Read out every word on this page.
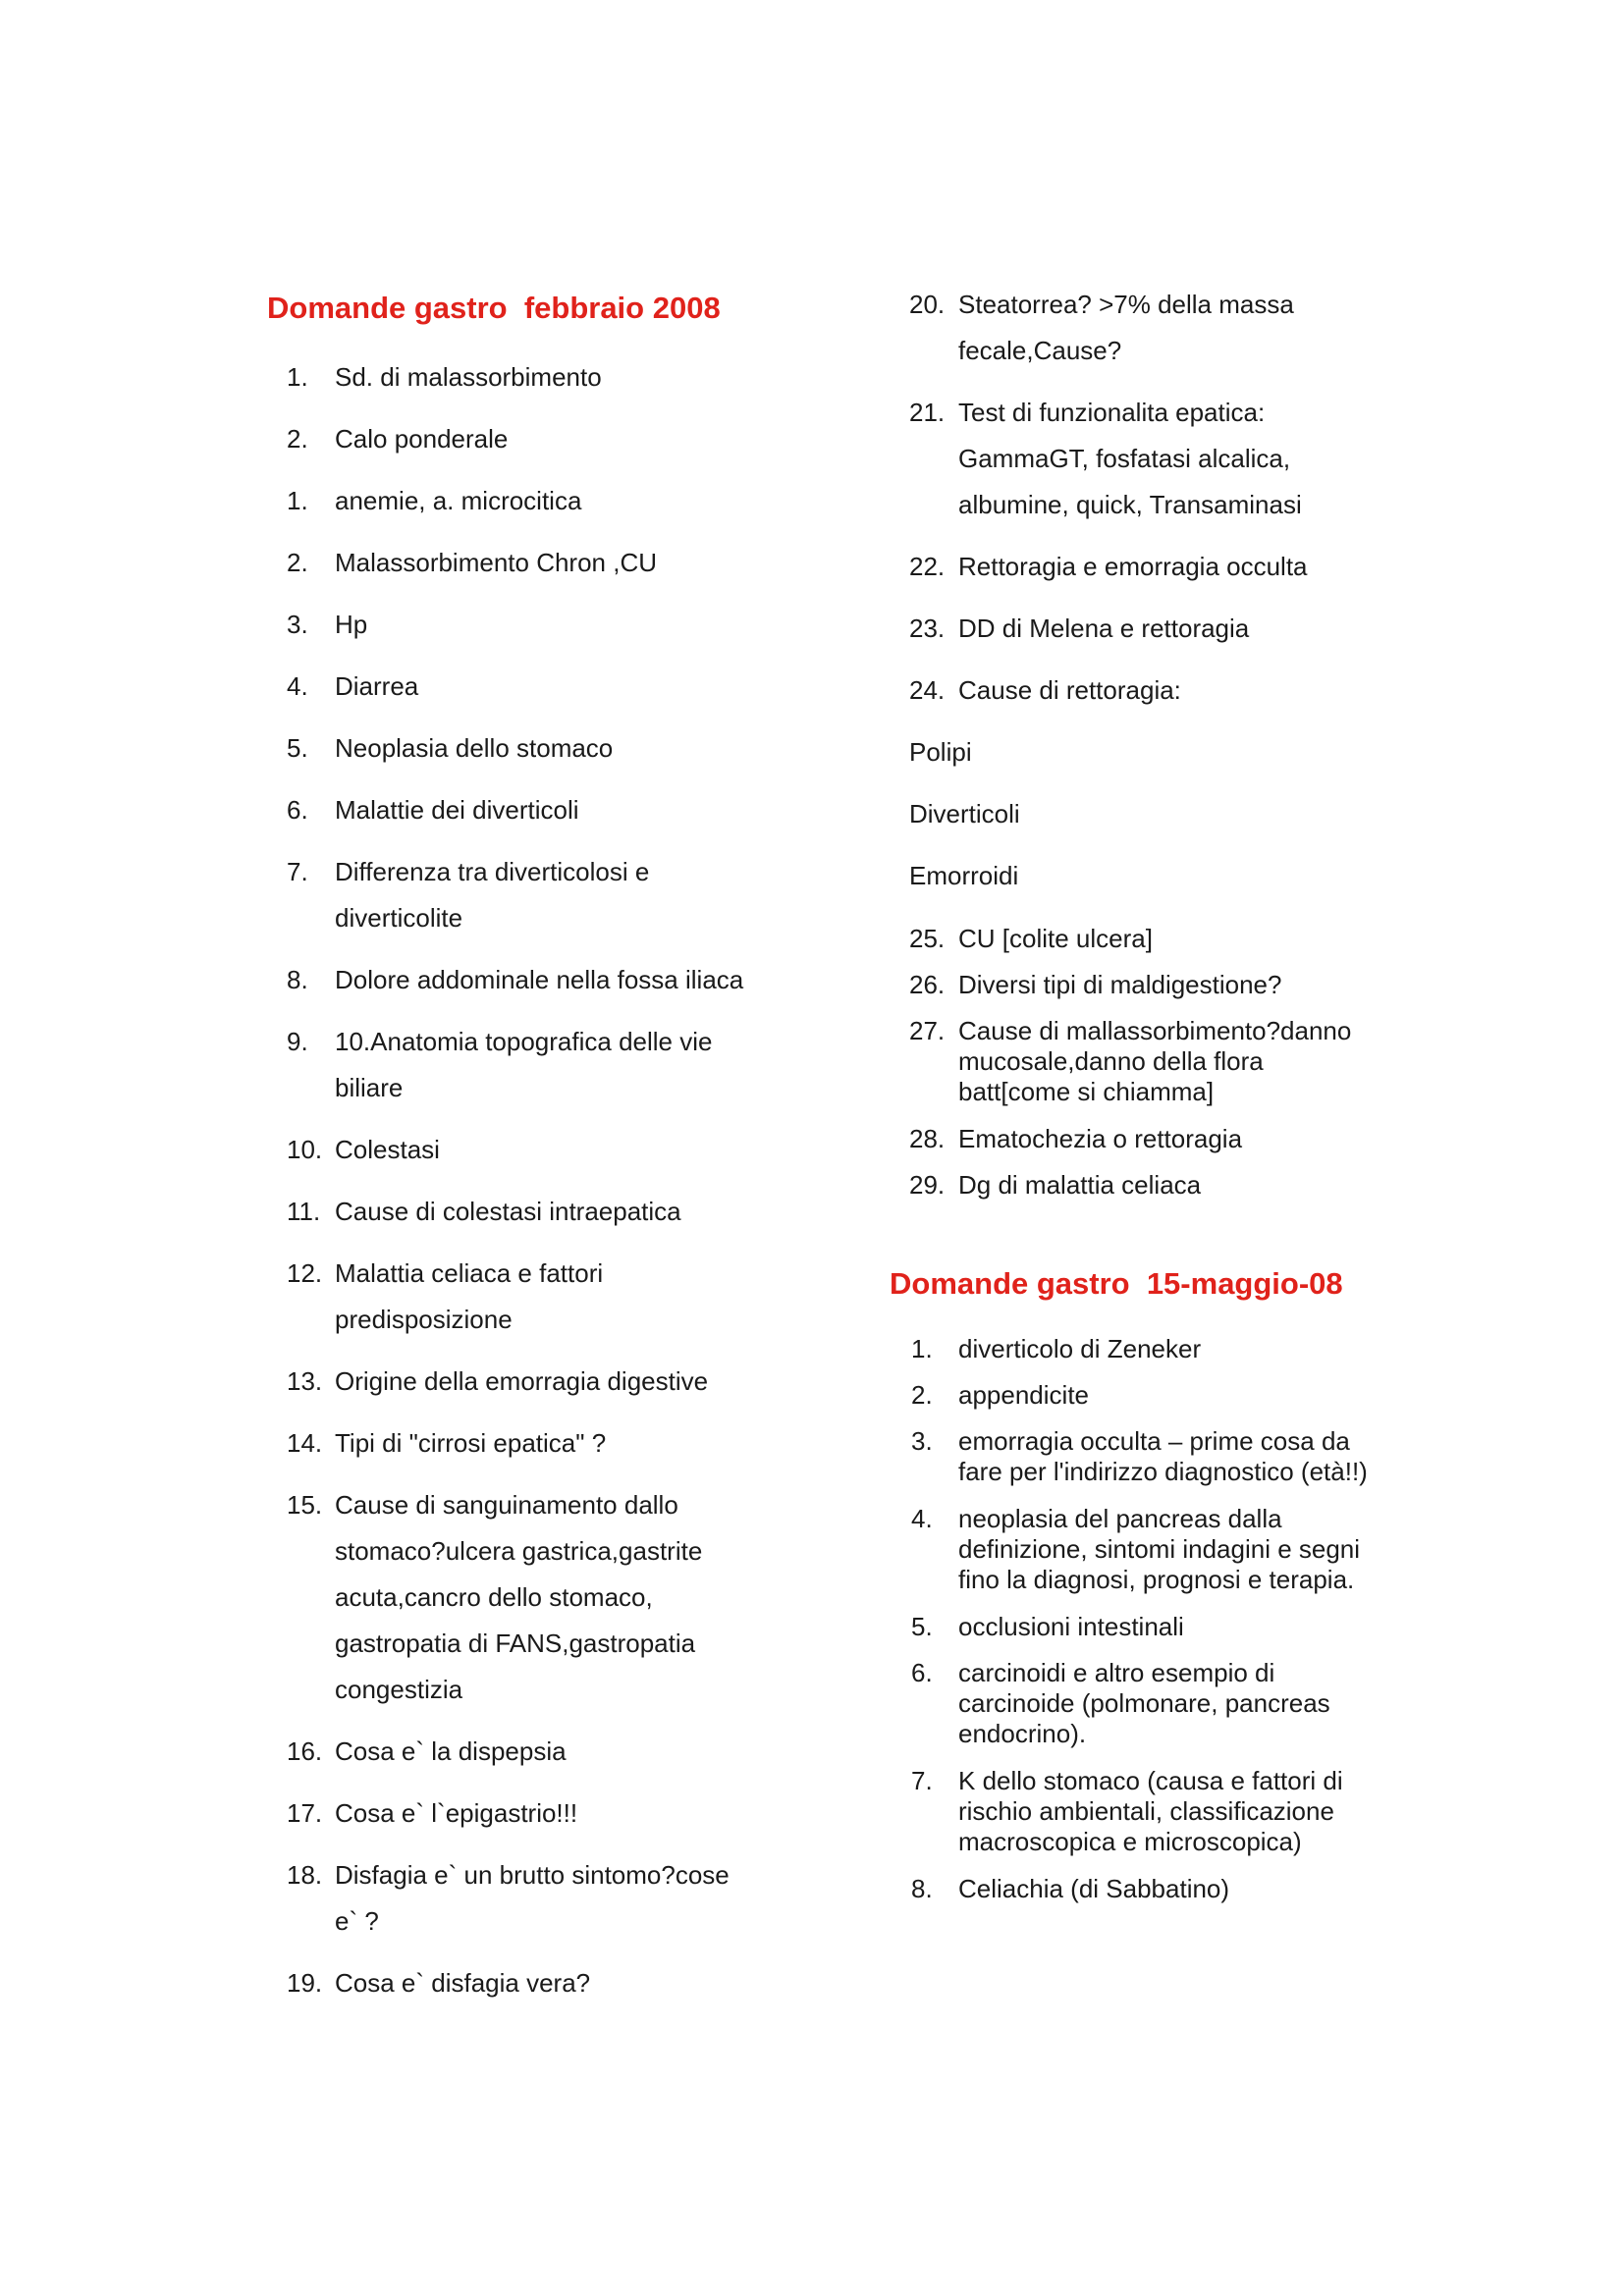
Domande gastro  febbraio 2008
1. Sd. di malassorbimento
2. Calo ponderale
1. anemie, a. microcitica
2. Malassorbimento Chron ,CU
3. Hp
4. Diarrea
5. Neoplasia dello stomaco
6. Malattie dei diverticoli
7. Differenza tra diverticolosi e
diverticolite
8. Dolore addominale nella fossa iliaca
9. 10.Anatomia topografica delle vie
biliare
10. Colestasi
11. Cause di colestasi intraepatica
12. Malattia celiaca e fattori
predisposizione
13. Origine della emorragia digestive
14. Tipi di "cirrosi epatica" ?
15. Cause di sanguinamento dallo
stomaco?ulcera gastrica,gastrite
acuta,cancro dello stomaco,
gastropatia di FANS,gastropatia
congestizia
16. Cosa e` la dispepsia
17. Cosa e` l`epigastrio!!!
18. Disfagia e` un brutto sintomo?cose
e` ?
19. Cosa e` disfagia vera?
20. Steatorrea? >7% della massa
fecale,Cause?
21. Test di funzionalita epatica:
GammaGT, fosfatasi alcalica,
albumine, quick, Transaminasi
22. Rettoragia e emorragia occulta
23. DD di Melena e rettoragia
24. Cause di rettoragia:
Polipi
Diverticoli
Emorroidi
25. CU [colite ulcera]
26. Diversi tipi di maldigestione?
27. Cause di mallassorbimento?danno
mucosale,danno della flora
batt[come si chiamma]
28. Ematochezia o rettoragia
29. Dg di malattia celiaca
Domande gastro  15-maggio-08
1. diverticolo di Zeneker
2. appendicite
3. emorragia occulta – prime cosa da
fare per l'indirizzo diagnostico (età!!)
4. neoplasia del pancreas dalla
definizione, sintomi indagini e segni
fino la diagnosi, prognosi e terapia.
5. occlusioni intestinali
6. carcinoidi e altro esempio di
carcinoide (polmonare, pancreas
endocrino).
7. K dello stomaco (causa e fattori di
rischio ambientali, classificazione
macroscopica e microscopica)
8. Celiachia (di Sabbatino)
